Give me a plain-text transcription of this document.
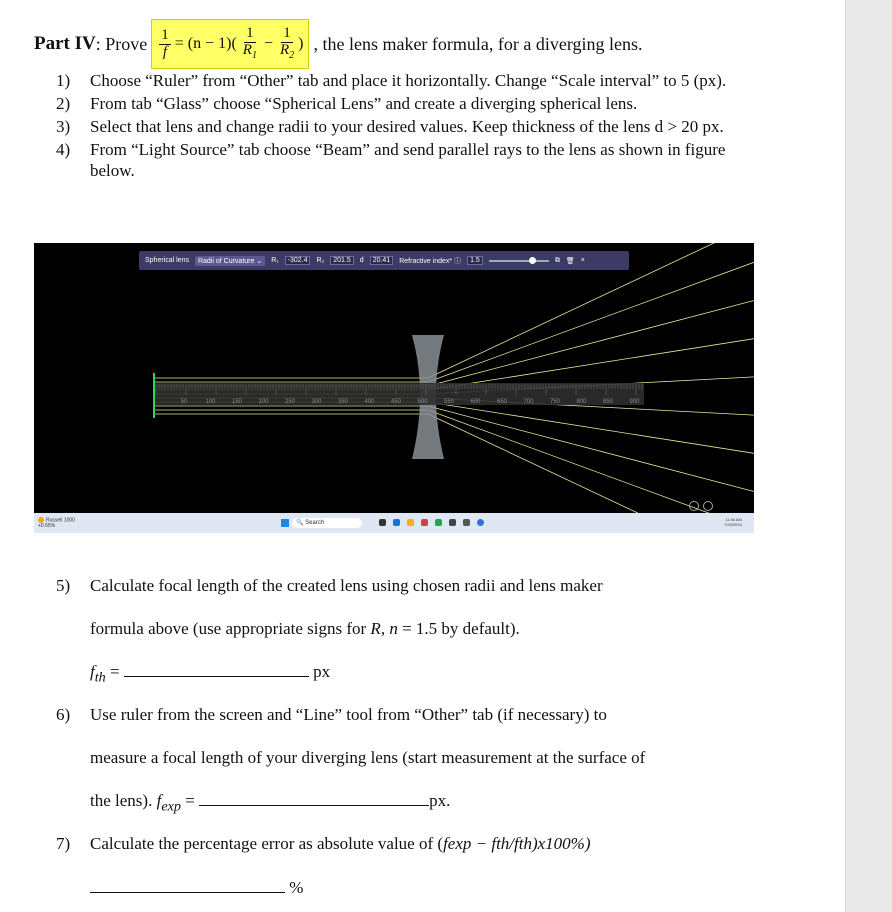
Part IV : Prove $\frac{1}{f} = (n - 1)( \frac{1}{R_1} - \frac{1}{R_2}$ ) , the lens maker formula, for a diverging lens.
1)	Choose “Ruler” from “Other” tab and place it horizontally. Change “Scale interval” to 5 (px).
2)	From tab “Glass” choose “Spherical Lens” and create a diverging spherical lens.
3)	Select that lens and change radii to your desired values. Keep thickness of the lens d > 20 px.
4)	From “Light Source” tab choose “Beam” and send parallel rays to the lens as shown in figure below.
50	100	150	200	250	300	350	400	450	500	550	600	650	700	750	800	850	900
Spherical lens	Radii of Curvature ⌄	R₁	-302.4	R₂	201.5	d	20.41	Refractive index* ⓘ	1.5	⧉ 🗑 ×
Russell 1000
+0.55%
🔍 Search
11:46 AM
7/23/2024
5) Calculate focal length of the created lens using chosen radii and lens maker
formula above (use appropriate signs for R, n = 1.5 by default).
$f_{th}$ =	px
6) Use ruler from the screen and “Line” tool from “Other” tab (if necessary) to
measure a focal length of your diverging lens (start measurement at the surface of
the lens). $f_{exp}$ =	px.
7) Calculate the percentage error as absolute value of (fexp − fth/fth)x100%)
%
